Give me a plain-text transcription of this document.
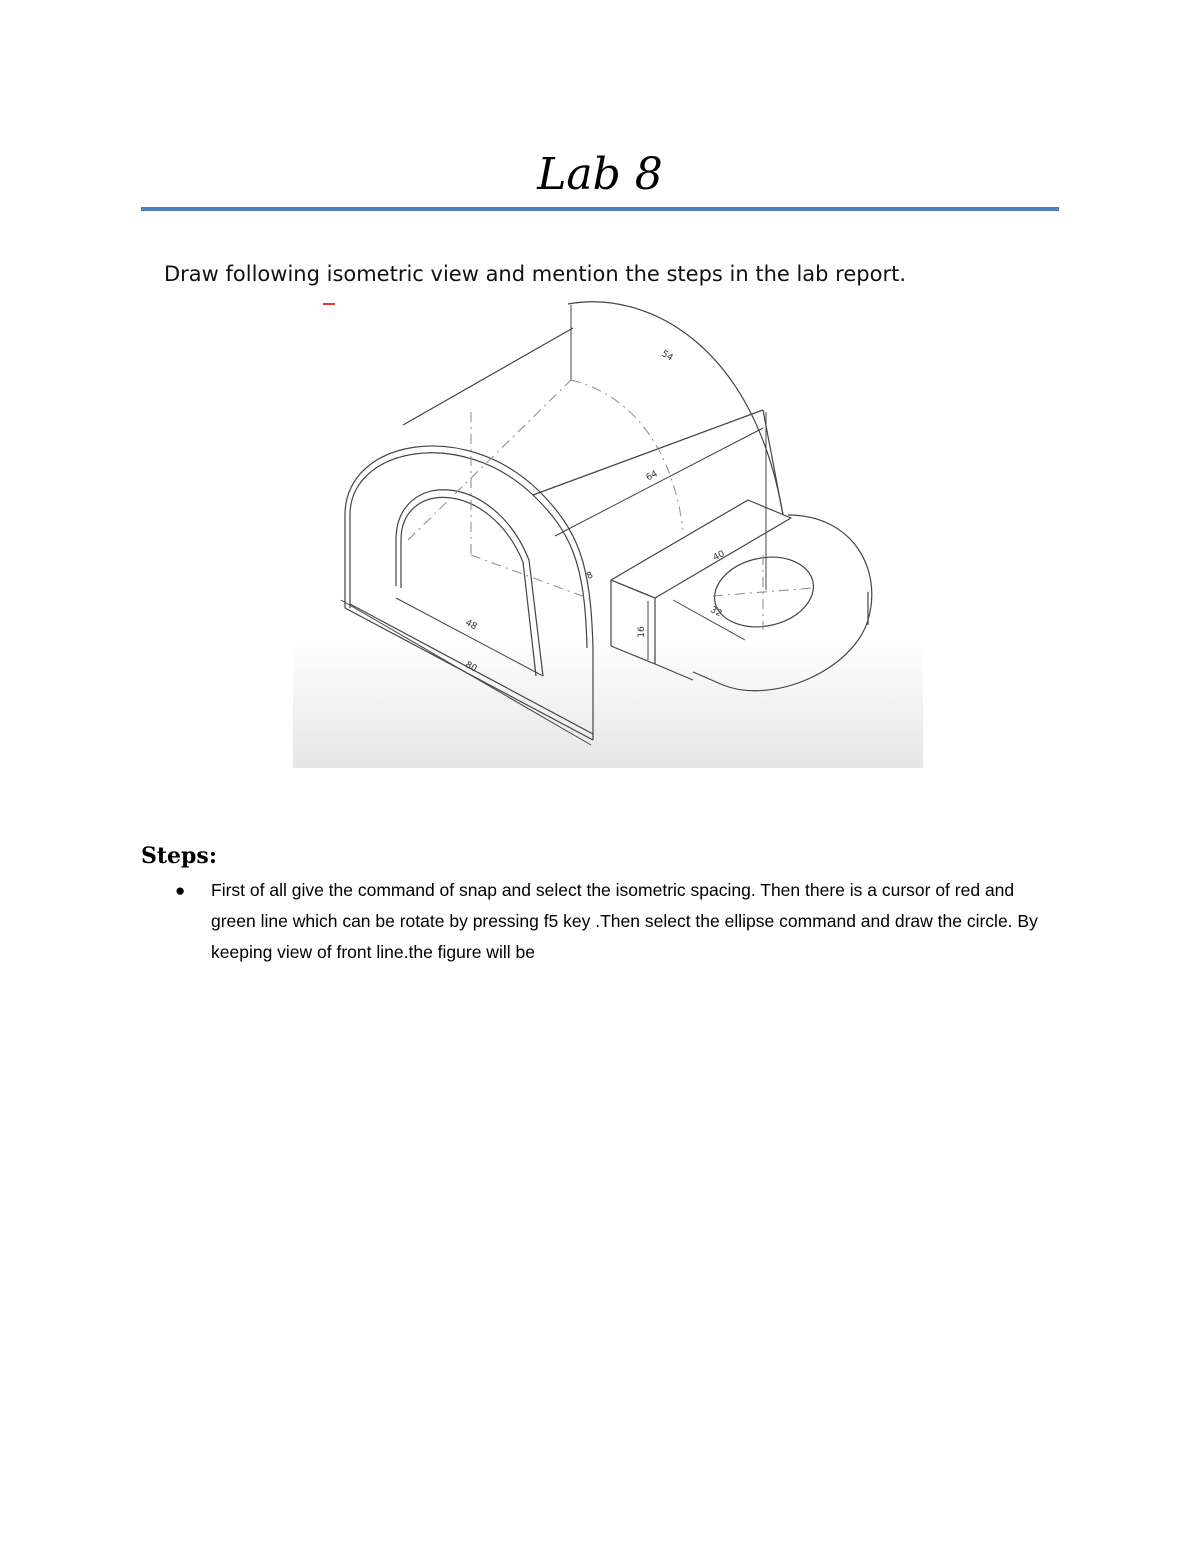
Lab 8
Draw following isometric view and mention the steps in the lab report.
54
64
40
8
48
80
16
32
Steps:
● First of all give the command of snap and select the isometric spacing. Then there is a cursor of red and green line which can be rotate by pressing f5 key .Then select the ellipse command and draw the circle. By keeping view of front line.the figure will be
